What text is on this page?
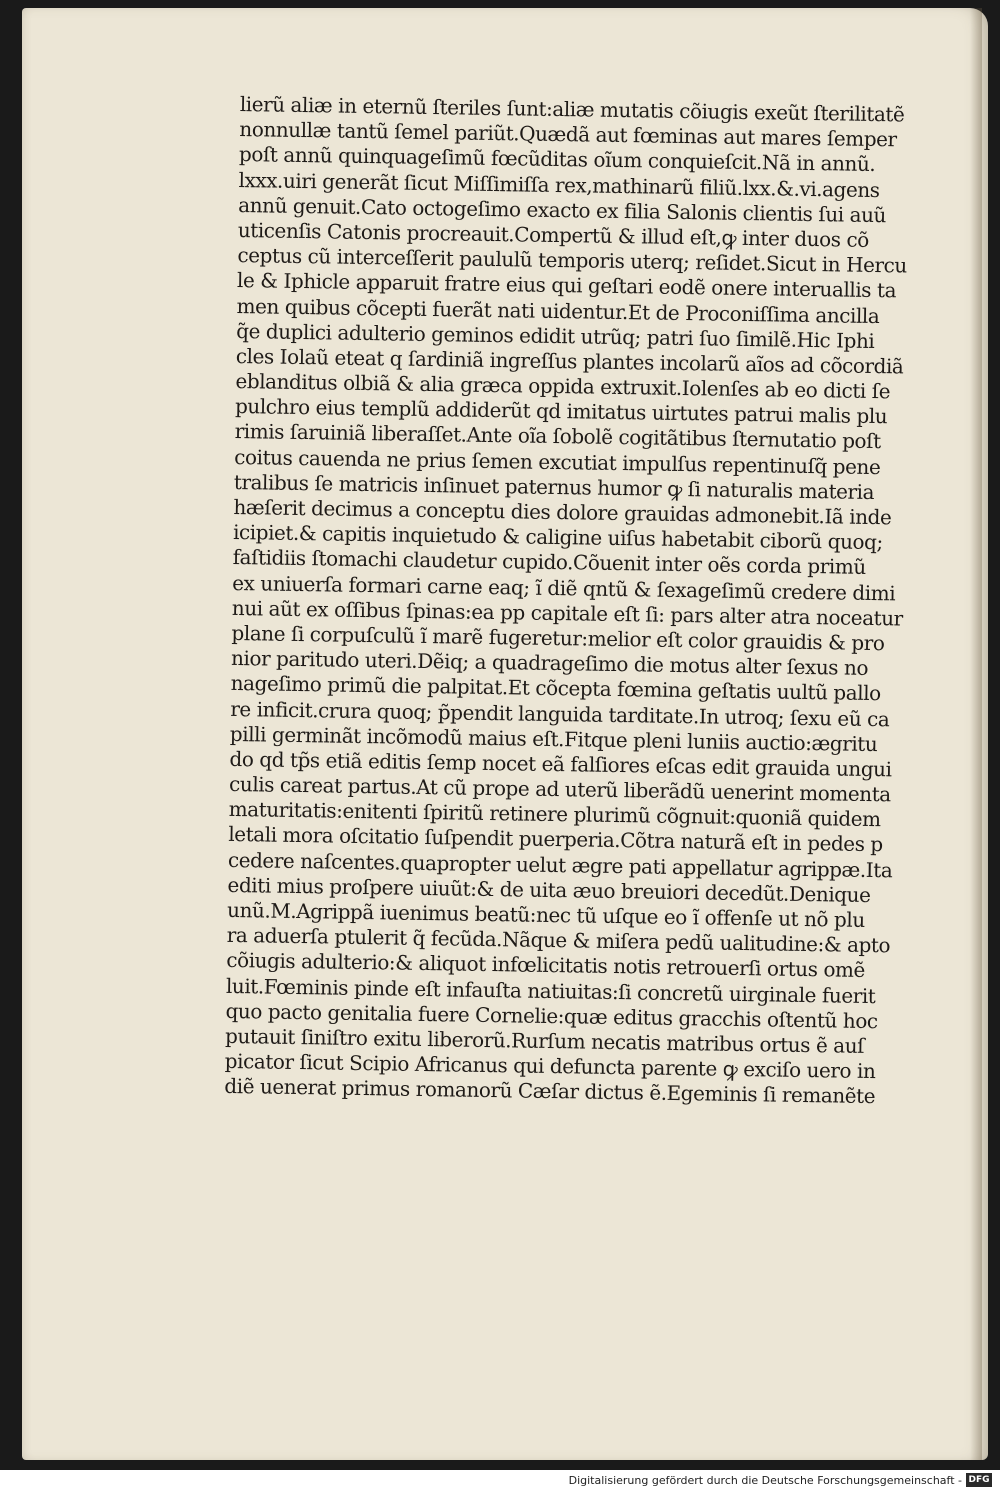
lierũ aliæ in eternũ ſteriles ſunt:aliæ mutatis cõiugis exeũt ſterilitatẽ
nonnullæ tantũ ſemel pariũt.Quædã aut fœminas aut mares ſemper
poſt annũ quinquageſimũ fœcũditas oĩum conquieſcit.Nã in annũ.
lxxx.uiri generãt ſicut Miſſimiſſa rex,mathinarũ filiũ.lxx.&.vi.agens
annũ genuit.Cato octogeſimo exacto ex filia Salonis clientis ſui auũ
uticenſis Catonis procreauit.Compertũ & illud eſt,ꝙ inter duos cõ
ceptus cũ interceſſerit paululũ temporis uterq; reſidet.Sicut in Hercu
le & Iphicle apparuit fratre eius qui geſtari eodẽ onere interuallis ta
men quibus cõcepti fuerãt nati uidentur.Et de Proconiſſima ancilla
q̃e duplici adulterio geminos edidit utrũq; patri ſuo ſimilẽ.Hic Iphi
cles Iolaũ eteat q ſardiniã ingreſſus plantes incolarũ aĩos ad cõcordiã
eblanditus olbiã & alia græca oppida extruxit.Iolenſes ab eo dicti ſe
pulchro eius templũ addiderũt qd imitatus uirtutes patrui malis plu
rimis ſaruiniã liberaſſet.Ante oĩa ſobolẽ cogitãtibus ſternutatio poſt
coitus cauenda ne prius ſemen excutiat impulſus repentinuſq̃ pene
tralibus ſe matricis inſinuet paternus humor ꝙ ſi naturalis materia
hæſerit decimus a conceptu dies dolore grauidas admonebit.Iã inde
icipiet.& capitis inquietudo & caligine uiſus habetabit ciborũ quoq;
faſtidiis ſtomachi claudetur cupido.Cõuenit inter oẽs corda primũ
ex uniuerſa formari carne eaq; ĩ diẽ qntũ & ſexageſimũ credere dimi
nui aũt ex oſſibus ſpinas:ea pp capitale eſt ſi: pars alter atra noceatur
plane ſi corpuſculũ ĩ marẽ fugeretur:melior eſt color grauidis & pro
nior paritudo uteri.Dẽiq; a quadrageſimo die motus alter ſexus no
nageſimo primũ die palpitat.Et cõcepta fœmina geſtatis uultũ pallo
re inficit.crura quoq; p̃pendit languida tarditate.In utroq; ſexu eũ ca
pilli germinãt incõmodũ maius eſt.Fitque pleni luniis auctio:ægritu
do qd tp̃s etiã editis ſemp nocet eã falſiores eſcas edit grauida ungui
culis careat partus.At cũ prope ad uterũ liberãdũ uenerint momenta
maturitatis:enitenti ſpiritũ retinere plurimũ cõgnuit:quoniã quidem
letali mora oſcitatio ſuſpendit puerperia.Cõtra naturã eſt in pedes p
cedere naſcentes.quapropter uelut ægre pati appellatur agrippæ.Ita
editi mius proſpere uiuũt:& de uita æuo breuiori decedũt.Denique
unũ.M.Agrippã iuenimus beatũ:nec tũ uſque eo ĩ offenſe ut nõ plu
ra aduerſa ptulerit q̃ fecũda.Nãque & miſera pedũ ualitudine:& apto
cõiugis adulterio:& aliquot infœlicitatis notis retrouerſi ortus omẽ
luit.Fœminis pinde eſt infauſta natiuitas:ſi concretũ uirginale fuerit
quo pacto genitalia fuere Cornelie:quæ editus gracchis oſtentũ hoc
putauit ſiniſtro exitu liberorũ.Rurſum necatis matribus ortus ẽ auſ
picator ſicut Scipio Africanus qui defuncta parente ꝙ exciſo uero in
diẽ uenerat primus romanorũ Cæſar dictus ẽ.Egeminis ſi remanẽte
Digitalisierung gefördert durch die Deutsche Forschungsgemeinschaft - DFG
